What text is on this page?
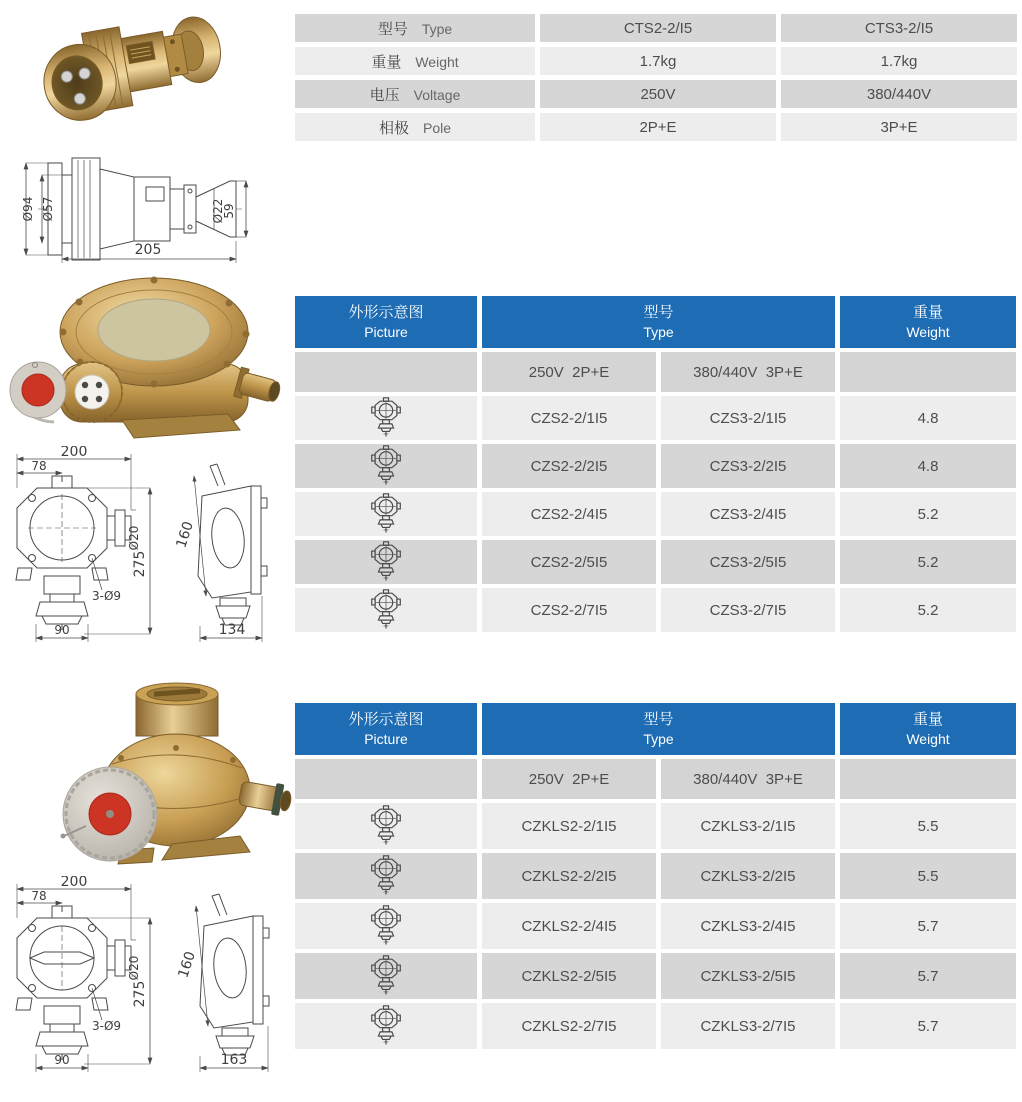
Ø94 Ø57	Ø22
59
205
型号 Type	CTS2-2/I5	CTS3-2/I5
重量 Weight	1.7kg	1.7kg
电压 Voltage	250V	380/440V
相极 Pole	2P+E	3P+E
200
78
Ø20
275
3-Ø9
90
160
134
外形示意图
Picture
型号
Type
重量
Weight
250V  2P+E	380/440V  3P+E
CZS2-2/1I5	CZS3-2/1I5	4.8
CZS2-2/2I5	CZS3-2/2I5	4.8
CZS2-2/4I5	CZS3-2/4I5	5.2
CZS2-2/5I5	CZS3-2/5I5	5.2
CZS2-2/7I5	CZS3-2/7I5	5.2
200
78
Ø20
275
3-Ø9
90
160
163
外形示意图
Picture
型号
Type
重量
Weight
250V  2P+E	380/440V  3P+E
CZKLS2-2/1I5	CZKLS3-2/1I5	5.5
CZKLS2-2/2I5	CZKLS3-2/2I5	5.5
CZKLS2-2/4I5	CZKLS3-2/4I5	5.7
CZKLS2-2/5I5	CZKLS3-2/5I5	5.7
CZKLS2-2/7I5	CZKLS3-2/7I5	5.7
